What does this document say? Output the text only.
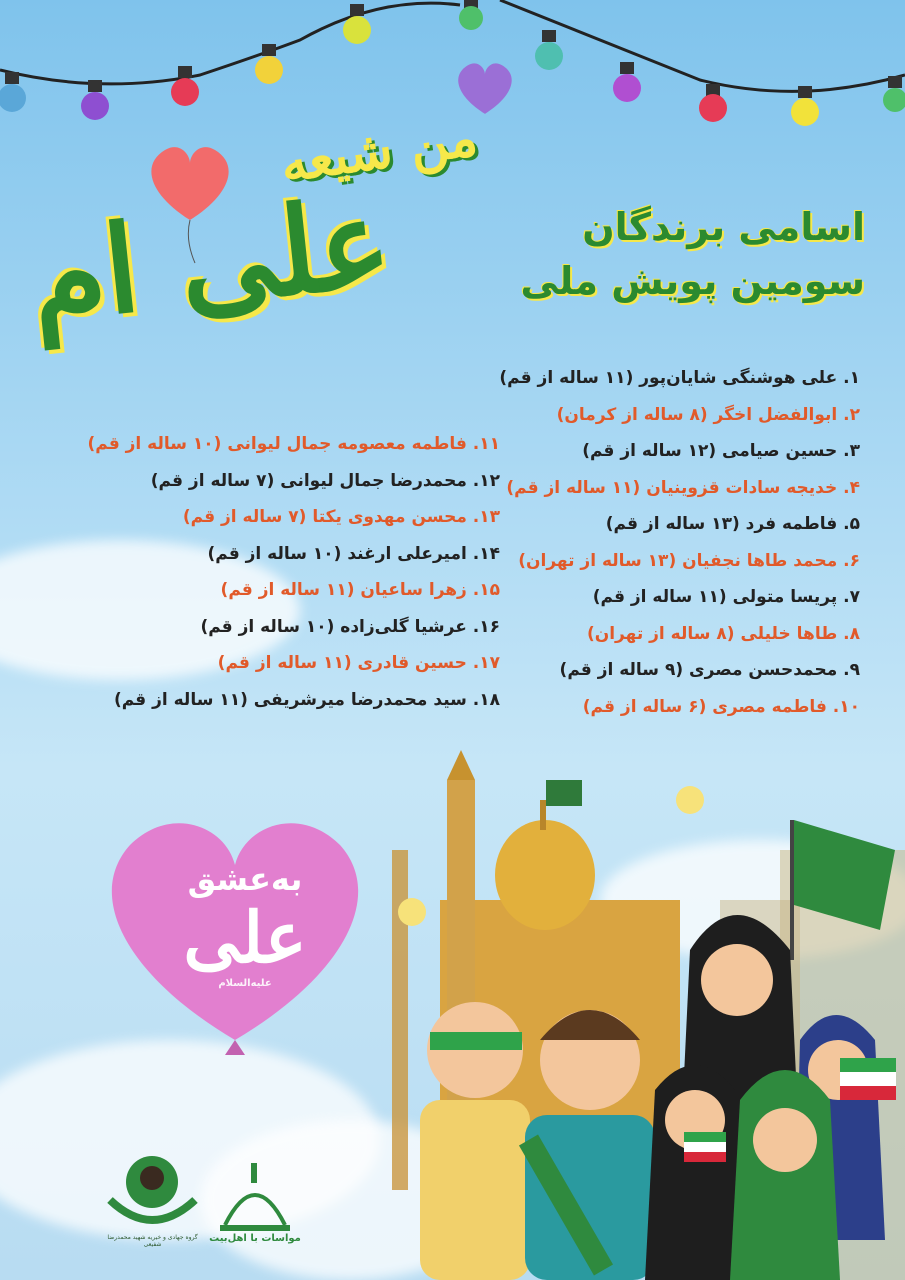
من شیعه
علی ام	اسامی برندگان
سوم‍ین پویش ملی
۱. علی هوشنگی شایان‌پور (۱۱ ساله از قم)
۲. ابوالفضل اخگر (۸ ساله از کرمان)
۳. حسین صیامی (۱۲ ساله از قم)
۴. خدیجه سادات قزوینیان (۱۱ ساله از قم)
۵. فاطمه فرد (۱۳ ساله از قم)
۶. محمد طاها نجفیان (۱۳ ساله از تهران)
۷. پریسا متولی (۱۱ ساله از قم)
۸. طاها خلیلی (۸ ساله از تهران)
۹. محمدحسن مصری (۹ ساله از قم)
۱۰. فاطمه مصری (۶ ساله از قم)
۱۱. فاطمه معصومه جمال لیوانی (۱۰ ساله از قم)
۱۲. محمدرضا جمال لیوانی (۷ ساله از قم)
۱۳. محسن مهدوی یکتا (۷ ساله از قم)
۱۴. امیرعلی ارغند (۱۰ ساله از قم)
۱۵. زهرا ساعیان (۱۱ ساله از قم)
۱۶. عرشیا گلی‌زاده (۱۰ ساله از قم)
۱۷. حسین قادری (۱۱ ساله از قم)
۱۸. سید محمدرضا میرشریفی (۱۱ ساله از قم)
به‌عشق
علی
علیه‌السلام
گروه جهادی و خیریه شهید محمدرضا شفیعی
مواسات با اهل‌بیت
